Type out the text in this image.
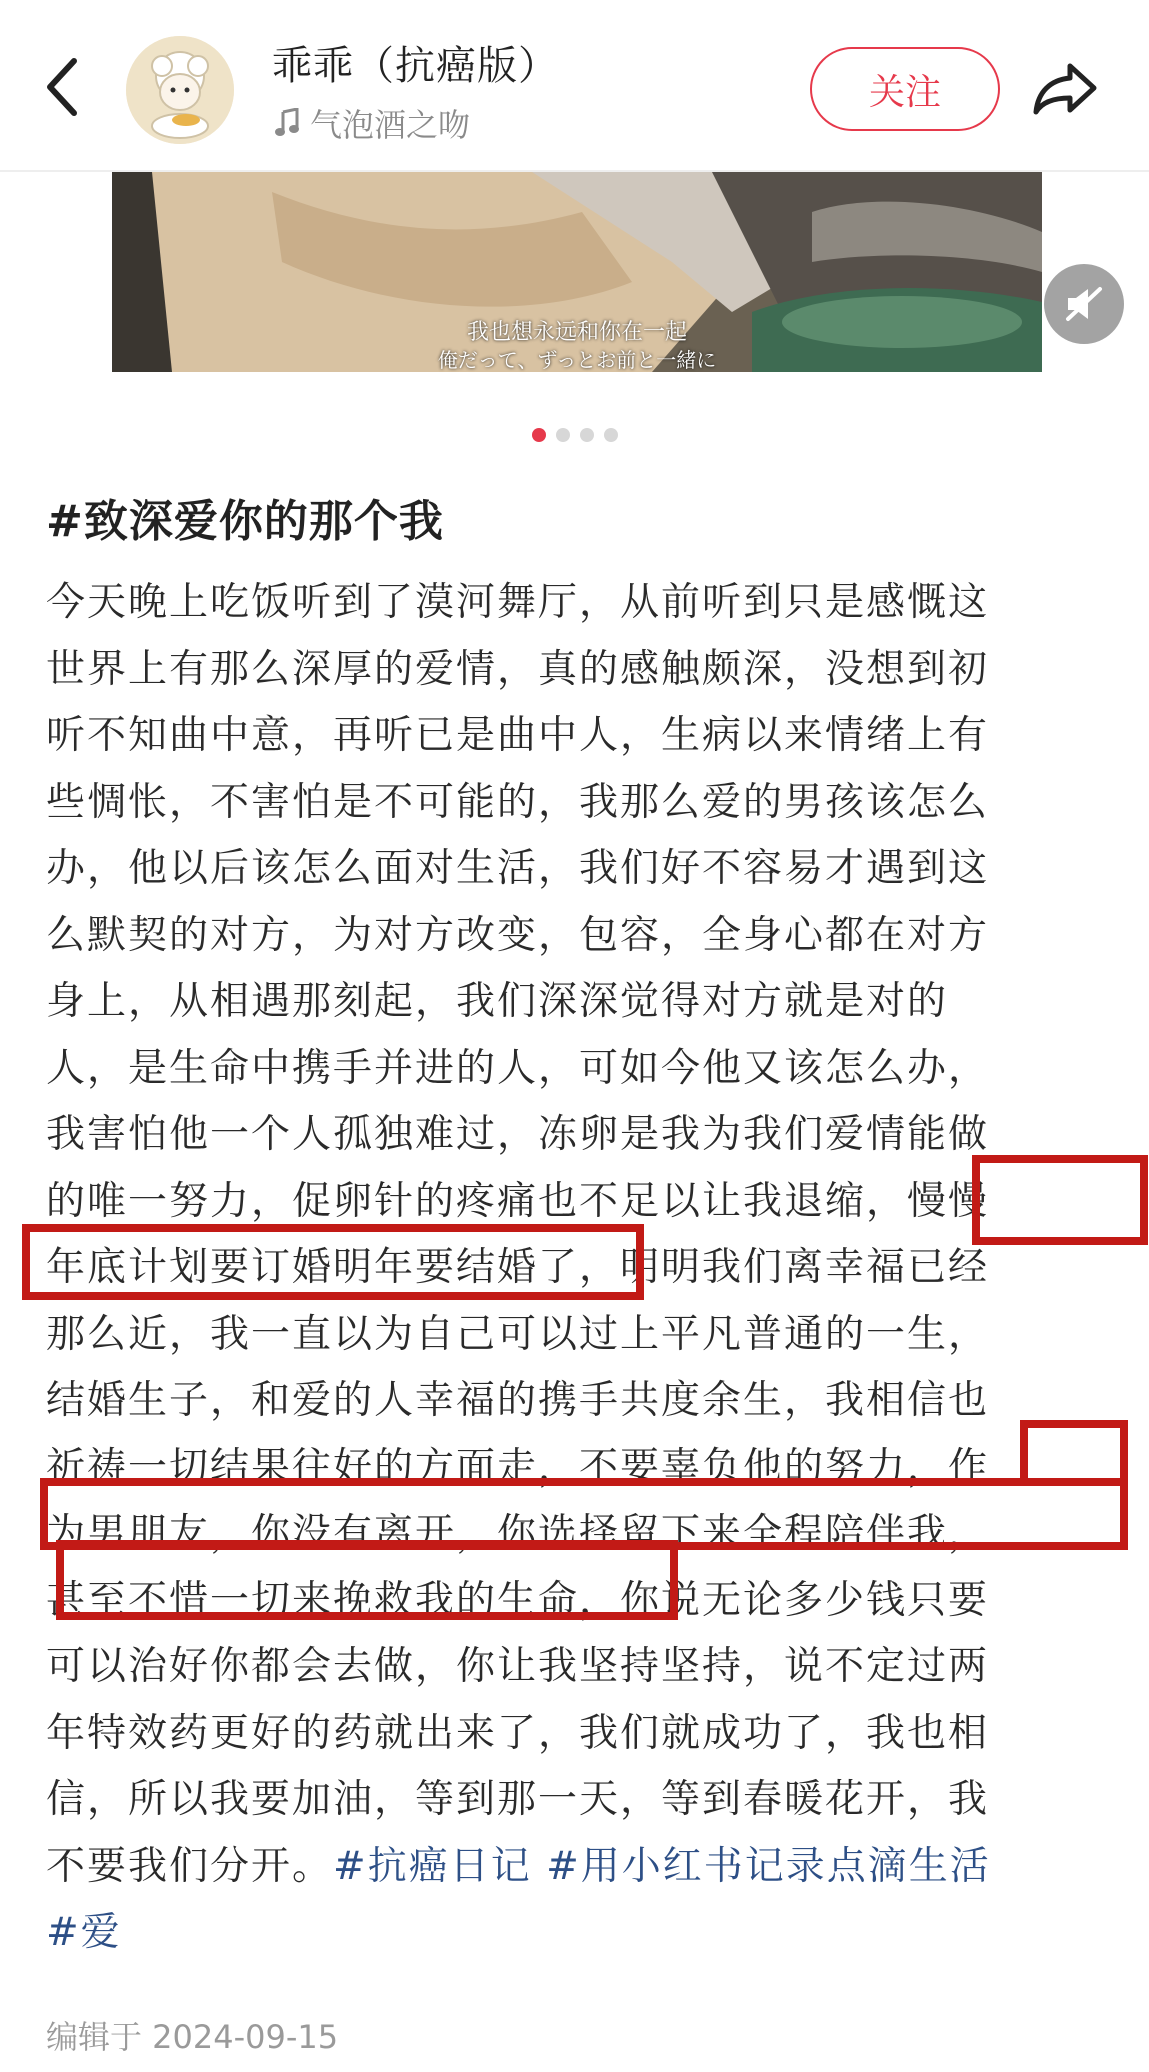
乖乖（抗癌版）
气泡酒之吻
关注
我也想永远和你在一起
俺だって、ずっとお前と一緒に
#致深爱你的那个我
今天晚上吃饭听到了漠河舞厅，从前听到只是感慨这
世界上有那么深厚的爱情，真的感触颇深，没想到初
听不知曲中意，再听已是曲中人，生病以来情绪上有
些惆怅，不害怕是不可能的，我那么爱的男孩该怎么
办，他以后该怎么面对生活，我们好不容易才遇到这
么默契的对方，为对方改变，包容，全身心都在对方
身上，从相遇那刻起，我们深深觉得对方就是对的
人，是生命中携手并进的人，可如今他又该怎么办，
我害怕他一个人孤独难过，冻卵是我为我们爱情能做
的唯一努力，促卵针的疼痛也不足以让我退缩，慢慢
年底计划要订婚明年要结婚了，明明我们离幸福已经
那么近，我一直以为自己可以过上平凡普通的一生，
结婚生子，和爱的人幸福的携手共度余生，我相信也
祈祷一切结果往好的方面走，不要辜负他的努力，作
为男朋友，你没有离开，你选择留下来全程陪伴我，
甚至不惜一切来挽救我的生命，你说无论多少钱只要
可以治好你都会去做，你让我坚持坚持，说不定过两
年特效药更好的药就出来了，我们就成功了，我也相
信，所以我要加油，等到那一天，等到春暖花开，我
不要我们分开。#抗癌日记 #用小红书记录点滴生活
#爱
编辑于 2024-09-15
